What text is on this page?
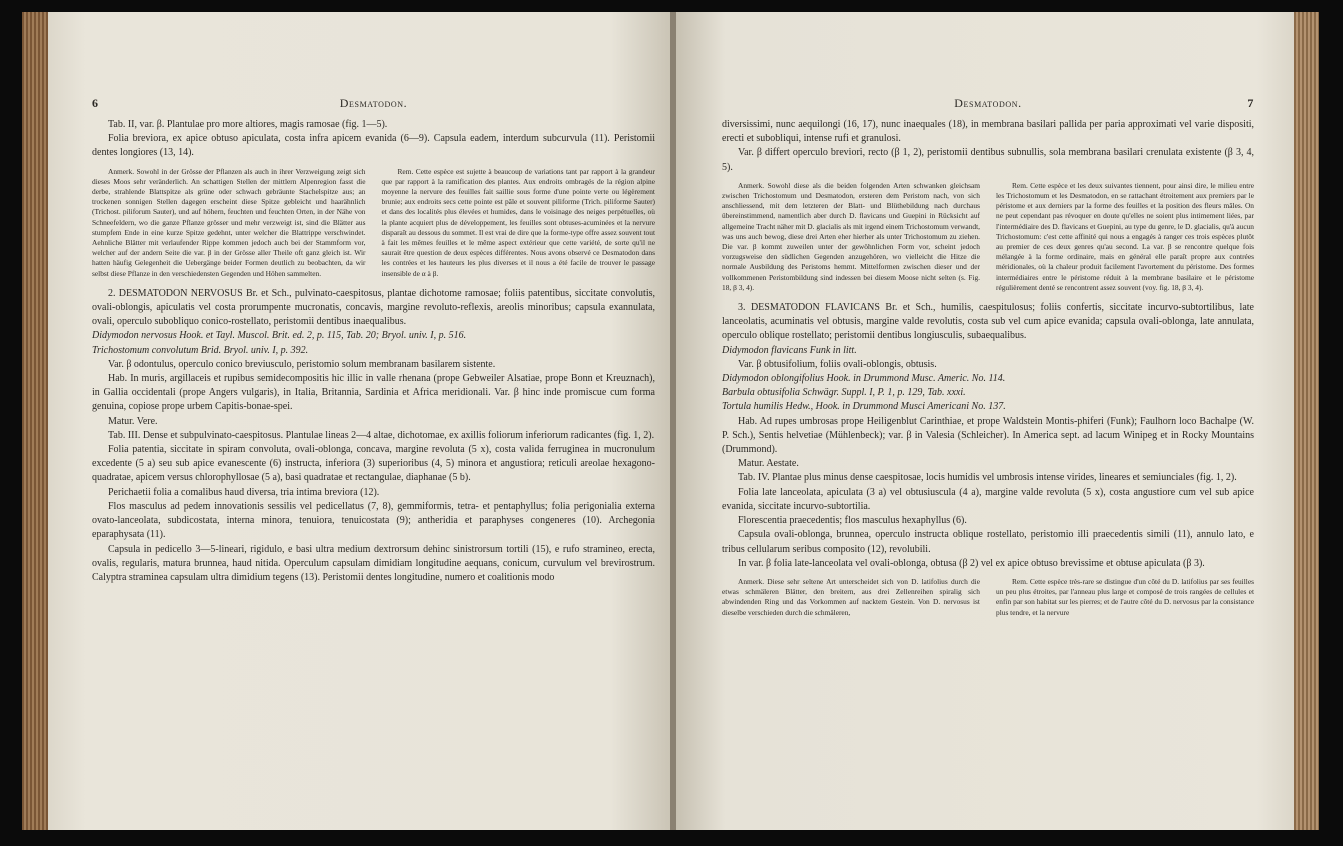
6	Desmatodon.

Tab. II, var. β. Plantulae pro more altiores, magis ramosae (fig. 1—5).

Folia breviora, ex apice obtuso apiculata, costa infra apicem evanida (6—9). Capsula eadem, interdum subcurvula (11). Peristomii dentes longiores (13, 14).

Anmerk. Sowohl in der Grösse der Pflanzen als auch in ihrer Verzweigung zeigt sich dieses Moos sehr veränderlich. An schattigen Stellen der mittlern Alpenregion fasst die derbe, strahlende Blattspitze als grüne oder schwach gebräunte Stachelspitze aus; an trockenen sonnigen Stellen dagegen erscheint diese Spitze gebleicht und haarähnlich (Trichost. piliforum Sauter), und auf höhern, feuchten und feuchten Orten, in der Nähe von Schneefeldern, wo die ganze Pflanze grösser und mehr verzweigt ist, sind die Blätter aus stumpfem Ende in eine kurze Spitze gedehnt, unter welcher die Blattrippe verschwindet. Aehnliche Blätter mit verlaufender Rippe kommen jedoch auch bei der Stammform vor, welcher auf der andern Seite die var. β in der Grösse aller Theile oft ganz gleich ist. Wir hatten häufig Gelegenheit die Uebergänge beider Formen deutlich zu beobachten, da wir selbst diese Pflanze in den verschiedensten Gegenden und Höhen sammelten.

Rem. Cette espèce est sujette à beaucoup de variations tant par rapport à la grandeur que par rapport à la ramification des plantes. Aux endroits ombragés de la région alpine moyenne la nervure des feuilles fait saillie sous forme d'une pointe verte ou légèrement brunie; aux endroits secs cette pointe est pâle et souvent piliforme (Trich. piliforme Sauter) et dans des localités plus élevées et humides, dans le voisinage des neiges perpétuelles, où la plante acquiert plus de développement, les feuilles sont obtuses-acuminées et la nervure disparaît au dessous du sommet. Il est vrai de dire que la forme-type offre assez souvent tout à fait les mêmes feuilles et le même aspect extérieur que cette variété, de sorte qu'il ne saurait être question de deux espèces différentes. Nous avons observé ce Desmatodon dans les contrées et les hauteurs les plus diverses et il nous a été facile de trouver le passage insensible de α à β.

2. DESMATODON NERVOSUS Br. et Sch., pulvinato-caespitosus, plantae dichotome ramosae; foliis patentibus, siccitate convolutis, ovali-oblongis, apiculatis vel costa prorumpente mucronatis, concavis, margine revoluto-reflexis, areolis minoribus; capsula exannulata, ovali, operculo subobliquo conico-rostellato, peristomii dentibus inaequalibus.

Didymodon nervosus Hook. et Tayl. Muscol. Brit. ed. 2, p. 115, Tab. 20; Bryol. univ. I, p. 516.

Trichostomum convolutum Brid. Bryol. univ. I, p. 392.

Var. β odontulus, operculo conico breviusculo, peristomio solum membranam basilarem sistente.

Hab. In muris, argillaceis et rupibus semidecompositis hic illic in valle rhenana (prope Gebweiler Alsatiae, prope Bonn et Kreuznach), in Gallia occidentali (prope Angers vulgaris), in Italia, Britannia, Sardinia et Africa meridionali. Var. β hinc inde promiscue cum forma genuina, copiose prope urbem Capitis-bonae-spei.

Matur. Vere.

Tab. III. Dense et subpulvinato-caespitosus. Plantulae lineas 2—4 altae, dichotomae, ex axillis foliorum inferiorum radicantes (fig. 1, 2).

Folia patentia, siccitate in spiram convoluta, ovali-oblonga, concava, margine revoluta (5 x), costa valida ferruginea in mucronulum excedente (5 a) seu sub apice evanescente (6) instructa, inferiora (3) superioribus (4, 5) minora et angustiora; reticuli areolae hexagono-quadratae, apicem versus chlorophyllosae (5 a), basi quadratae et rectangulae, diaphanae (5 b).

Perichaetii folia a comalibus haud diversa, tria intima breviora (12).

Flos masculus ad pedem innovationis sessilis vel pedicellatus (7, 8), gemmiformis, tetra- et pentaphyllus; folia perigonialia externa ovato-lanceolata, subdicostata, interna minora, tenuiora, tenuicostata (9); antheridia et paraphyses congeneres (10). Archegonia eparaphysata (11).

Capsula in pedicello 3—5-lineari, rigidulo, e basi ultra medium dextrorsum dehinc sinistrorsum tortili (15), e rufo stramineo, erecta, ovalis, regularis, matura brunnea, haud nitida. Operculum capsulam dimidiam longitudine aequans, conicum, curvulum vel brevirostrum. Calyptra straminea capsulam ultra dimidium tegens (13). Peristomii dentes longitudine, numero et coalitionis modo

Desmatodon.	7

diversissimi, nunc aequilongi (16, 17), nunc inaequales (18), in membrana basilari pallida per paria approximati vel varie dispositi, erecti et subobliqui, intense rufi et granulosi.

Var. β differt operculo breviori, recto (β 1, 2), peristomii dentibus subnullis, sola membrana basilari crenulata existente (β 3, 4, 5).

Anmerk. Sowohl diese als die beiden folgenden Arten schwanken gleichsam zwischen Trichostomum und Desmatodon, ersteren dem Peristom nach, von sich anschliessend, mit dem letzteren der Blatt- und Blüthebildung nach durchaus übereinstimmend, namentlich aber durch D. flavicans und Guepini in Rücksicht auf allgemeine Tracht näher mit D. glacialis als mit irgend einem Trichostomum verwandt, was uns auch bewog, diese drei Arten eher hierher als unter Trichostomum zu ziehen. Die var. β kommt zuweilen unter der gewöhnlichen Form vor, scheint jedoch vorzugsweise den südlichen Gegenden anzugehören, wo vielleicht die Hitze die normale Ausbildung des Peristoms hemmt. Mittelformen zwischen dieser und der vollkommenen Peristombildung sind indessen bei diesem Moose nicht selten (s. Fig. 18, β 3, 4).

Rem. Cette espèce et les deux suivantes tiennent, pour ainsi dire, le milieu entre les Trichostomum et les Desmatodon, en se rattachant étroitement aux premiers par le péristome et aux derniers par la forme des feuilles et la position des fleurs mâles. On ne peut cependant pas révoquer en doute qu'elles ne soient plus intimement liées, par l'intermédiaire des D. flavicans et Guepini, au type du genre, le D. glacialis, qu'à aucun Trichostomum: c'est cette affinité qui nous a engagés à ranger ces trois espèces plutôt au premier de ces deux genres qu'au second. La var. β se rencontre quelque fois mélangée à la forme ordinaire, mais en général elle paraît propre aux contrées méridionales, où la chaleur produit facilement l'avortement du péristome. Des formes intermédiaires entre le péristome réduit à la membrane basilaire et le péristome régulièrement denté se rencontrent assez souvent (voy. fig. 18, β 3, 4).

3. DESMATODON FLAVICANS Br. et Sch., humilis, caespitulosus; foliis confertis, siccitate incurvo-subtortilibus, late lanceolatis, acuminatis vel obtusis, margine valde revolutis, costa sub vel cum apice evanida; capsula ovali-oblonga, late annulata, operculo oblique rostellato; peristomii dentibus longiusculis, subaequalibus.

Didymodon flavicans Funk in litt.

Var. β obtusifolium, foliis ovali-oblongis, obtusis.

Didymodon oblongifolius Hook. in Drummond Musc. Americ. No. 114.

Barbula obtusifolia Schwägr. Suppl. I, P. 1, p. 129, Tab. xxxi.

Tortula humilis Hedw., Hook. in Drummond Musci Americani No. 137.

Hab. Ad rupes umbrosas prope Heiligenblut Carinthiae, et prope Waldstein Montis-phiferi (Funk); Faulhorn loco Bachalpe (W. P. Sch.), Sentis helvetiae (Mühlenbeck); var. β in Valesia (Schleicher). In America sept. ad lacum Winipeg et in Rocky Mountains (Drummond).

Matur. Aestate.

Tab. IV. Plantae plus minus dense caespitosae, locis humidis vel umbrosis intense virides, lineares et semiunciales (fig. 1, 2).

Folia late lanceolata, apiculata (3 a) vel obtusiuscula (4 a), margine valde revoluta (5 x), costa angustiore cum vel sub apice evanida, siccitate incurvo-subtortilia.

Florescentia praecedentis; flos masculus hexaphyllus (6).

Capsula ovali-oblonga, brunnea, operculo instructa oblique rostellato, peristomio illi praecedentis simili (11), annulo lato, e tribus cellularum seribus composito (12), revolubili.

In var. β folia late-lanceolata vel ovali-oblonga, obtusa (β 2) vel ex apice obtuso brevissime et obtuse apiculata (β 3).

Anmerk. Diese sehr seltene Art unterscheidet sich von D. latifolius durch die etwas schmäleren Blätter, den breitern, aus drei Zellenreihen spiralig sich abwindenden Ring und das Vorkommen auf nacktem Gestein. Von D. nervosus ist dieselbe verschieden durch die schmäleren,

Rem. Cette espèce très-rare se distingue d'un côté du D. latifolius par ses feuilles un peu plus étroites, par l'anneau plus large et composé de trois rangées de cellules et enfin par son habitat sur les pierres; et de l'autre côté du D. nervosus par la consistance plus tendre, et la nervure
